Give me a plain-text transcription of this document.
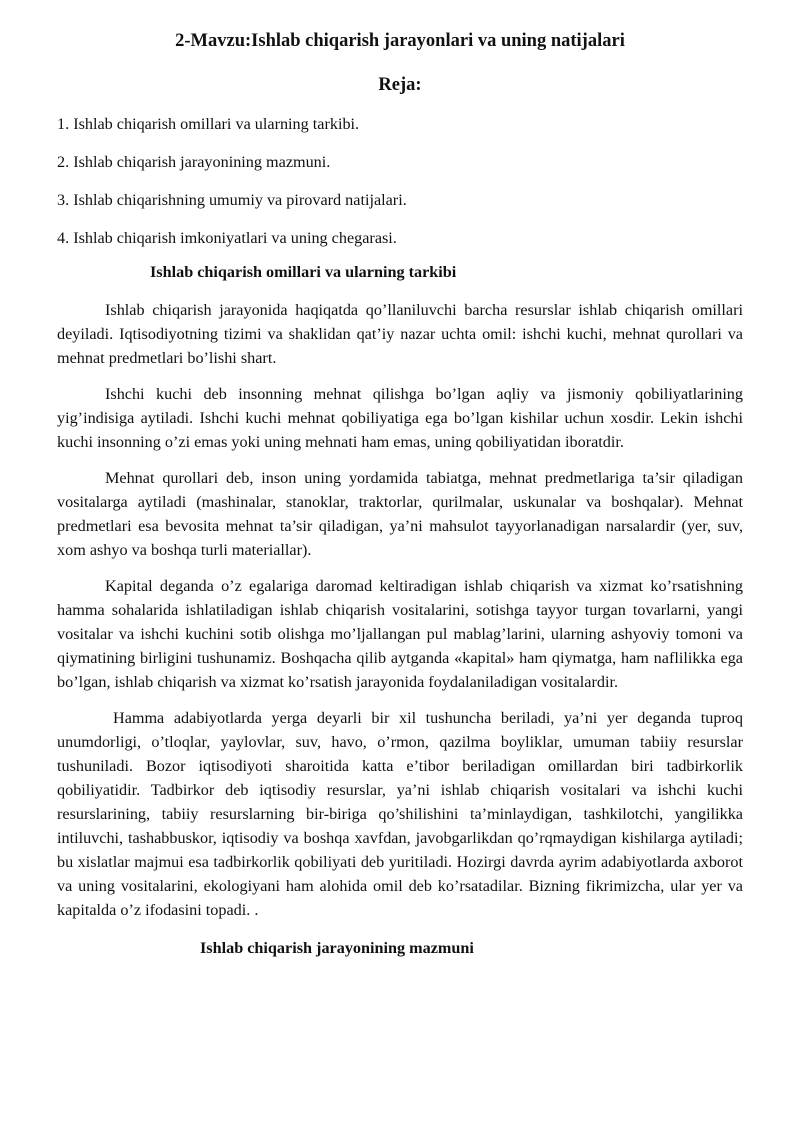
2-Mavzu:Ishlab chiqarish jarayonlari va uning natijalari
Reja:
1. Ishlab chiqarish omillari va ularning tarkibi.
2. Ishlab chiqarish jarayonining mazmuni.
3. Ishlab chiqarishning umumiy va pirovard natijalari.
4. Ishlab chiqarish imkoniyatlari va uning chegarasi.
Ishlab chiqarish omillari va ularning tarkibi

Ishlab chiqarish jarayonida haqiqatda qo’llaniluvchi barcha resurslar ishlab chiqarish omillari deyiladi. Iqtisodiyotning tizimi va shaklidan qat’iy nazar uchta omil: ishchi kuchi, mehnat qurollari va mehnat predmetlari bo’lishi shart.

Ishchi kuchi deb insonning mehnat qilishga bo’lgan aqliy va jismoniy qobiliyatlarining yig’indisiga aytiladi. Ishchi kuchi mehnat qobiliyatiga ega bo’lgan kishilar uchun xosdir. Lekin ishchi kuchi insonning o’zi emas yoki uning mehnati ham emas, uning qobiliyatidan iboratdir.

Mehnat qurollari deb, inson uning yordamida tabiatga, mehnat predmetlariga ta’sir qiladigan vositalarga aytiladi (mashinalar, stanoklar, traktorlar, qurilmalar, uskunalar va boshqalar). Mehnat predmetlari esa bevosita mehnat ta’sir qiladigan, ya’ni mahsulot tayyorlanadigan narsalardir (yer, suv, xom ashyo va boshqa turli materiallar).

Kapital deganda o’z egalariga daromad keltiradigan ishlab chiqarish va xizmat ko’rsatishning hamma sohalarida ishlatiladigan ishlab chiqarish vositalarini, sotishga tayyor turgan tovarlarni, yangi vositalar va ishchi kuchini sotib olishga mo’ljallangan pul mablag’larini, ularning ashyoviy tomoni va qiymatining birligini tushunamiz. Boshqacha qilib aytganda «kapital» ham qiymatga, ham naflilikka ega bo’lgan, ishlab chiqarish va xizmat ko’rsatish jarayonida foydalaniladigan vositalardir.

Hamma adabiyotlarda yerga deyarli bir xil tushuncha beriladi, ya’ni yer deganda tuproq unumdorligi, o’tloqlar, yaylovlar, suv, havo, o’rmon, qazilma boyliklar, umuman tabiiy resurslar tushuniladi. Bozor iqtisodiyoti sharoitida katta e’tibor beriladigan omillardan biri tadbirkorlik qobiliyatidir. Tadbirkor deb iqtisodiy resurslar, ya’ni ishlab chiqarish vositalari va ishchi kuchi resurslarining, tabiiy resurslarning bir-biriga qo’shilishini ta’minlaydigan, tashkilotchi, yangilikka intiluvchi, tashabbuskor, iqtisodiy va boshqa xavfdan, javobgarlikdan qo’rqmaydigan kishilarga aytiladi; bu xislatlar majmui esa tadbirkorlik qobiliyati deb yuritiladi. Hozirgi davrda ayrim adabiyotlarda axborot va uning vositalarini, ekologiyani ham alohida omil deb ko’rsatadilar. Bizning fikrimizcha, ular yer va kapitalda o’z ifodasini topadi. .

Ishlab chiqarish jarayonining mazmuni
